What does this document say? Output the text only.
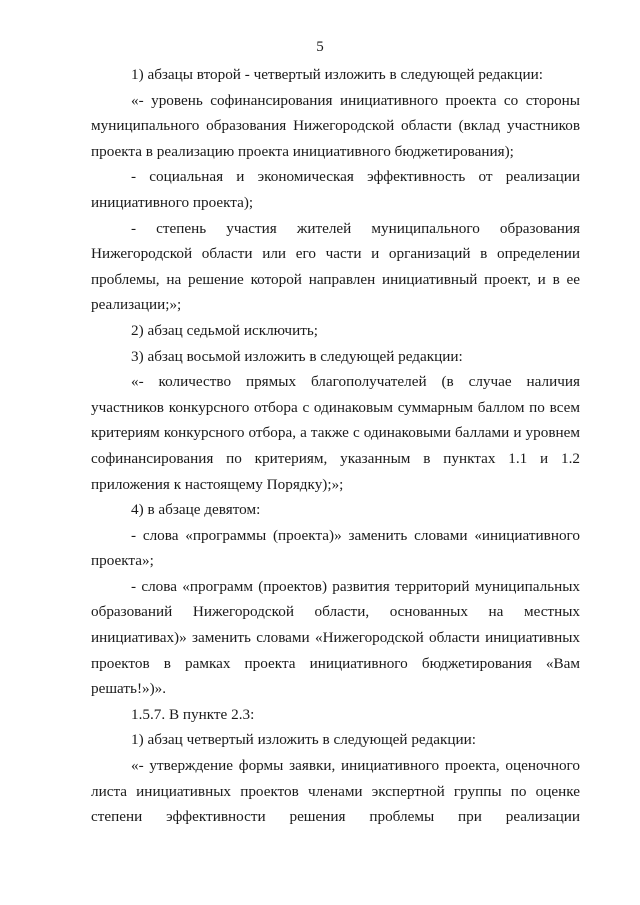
5

1) абзацы второй - четвертый изложить в следующей редакции:

«- уровень софинансирования инициативного проекта со стороны муниципального образования Нижегородской области (вклад участников проекта в реализацию проекта инициативного бюджетирования);

- социальная и экономическая эффективность от реализации инициативного проекта);

- степень участия жителей муниципального образования Нижегородской области или его части и организаций в определении проблемы, на решение которой направлен инициативный проект, и в ее реализации;»;

2) абзац седьмой исключить;

3) абзац восьмой изложить в следующей редакции:

«- количество прямых благополучателей (в случае наличия участников конкурсного отбора с одинаковым суммарным баллом по всем критериям конкурсного отбора, а также с одинаковыми баллами и уровнем софинансирования по критериям, указанным в пунктах 1.1 и 1.2 приложения к настоящему Порядку);»;

4) в абзаце девятом:

- слова «программы (проекта)» заменить словами «инициативного проекта»;

- слова «программ (проектов) развития территорий муниципальных образований Нижегородской области, основанных на местных инициативах)» заменить словами «Нижегородской области инициативных проектов в рамках проекта инициативного бюджетирования «Вам решать!»)».

1.5.7. В пункте 2.3:

1) абзац четвертый изложить в следующей редакции:

«- утверждение формы заявки, инициативного проекта, оценочного листа инициативных проектов членами экспертной группы по оценке степени эффективности решения проблемы при реализации
